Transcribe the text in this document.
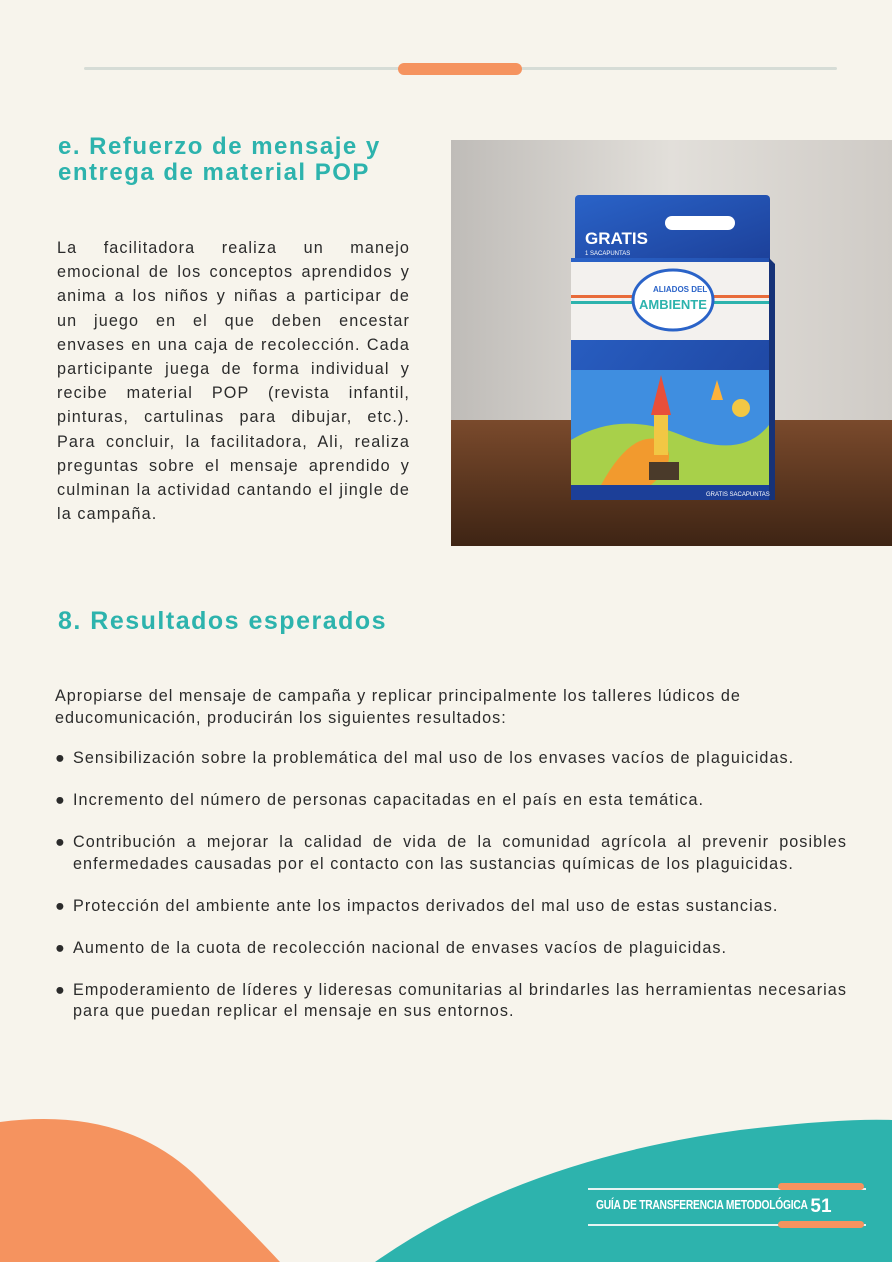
e. Refuerzo de mensaje y entrega de material POP

La facilitadora realiza un manejo emocional de los conceptos aprendidos y anima a los niños y niñas a participar de un juego en el que deben encestar envases en una caja de recolección. Cada participante juega de forma individual y recibe material POP (revista infantil, pinturas, cartulinas para dibujar, etc.). Para concluir, la facilitadora, Ali, realiza preguntas sobre el mensaje aprendido y culminan la actividad cantando el jingle de la campaña.

GRATIS
1 SACAPUNTAS
ALIADOS DEL
AMBIENTE
GRATIS SACAPUNTAS
8. Resultados esperados

Apropiarse del mensaje de campaña y replicar principalmente los talleres lúdicos de educomunicación, producirán los siguientes resultados:

● Sensibilización sobre la problemática del mal uso de los envases vacíos de plaguicidas.
● Incremento del número de personas capacitadas en el país en esta temática.
● Contribución a mejorar la calidad de vida de la comunidad agrícola al prevenir posibles enfermedades causadas por el contacto con las sustancias químicas de los plaguicidas.
● Protección del ambiente ante los impactos derivados del mal uso de estas sustancias.
● Aumento de la cuota de recolección nacional de envases vacíos de plaguicidas.
● Empoderamiento de líderes y lideresas comunitarias al brindarles las herramientas necesarias para que puedan replicar el mensaje en sus entornos.
GUÍA DE TRANSFERENCIA METODOLÓGICA 51
